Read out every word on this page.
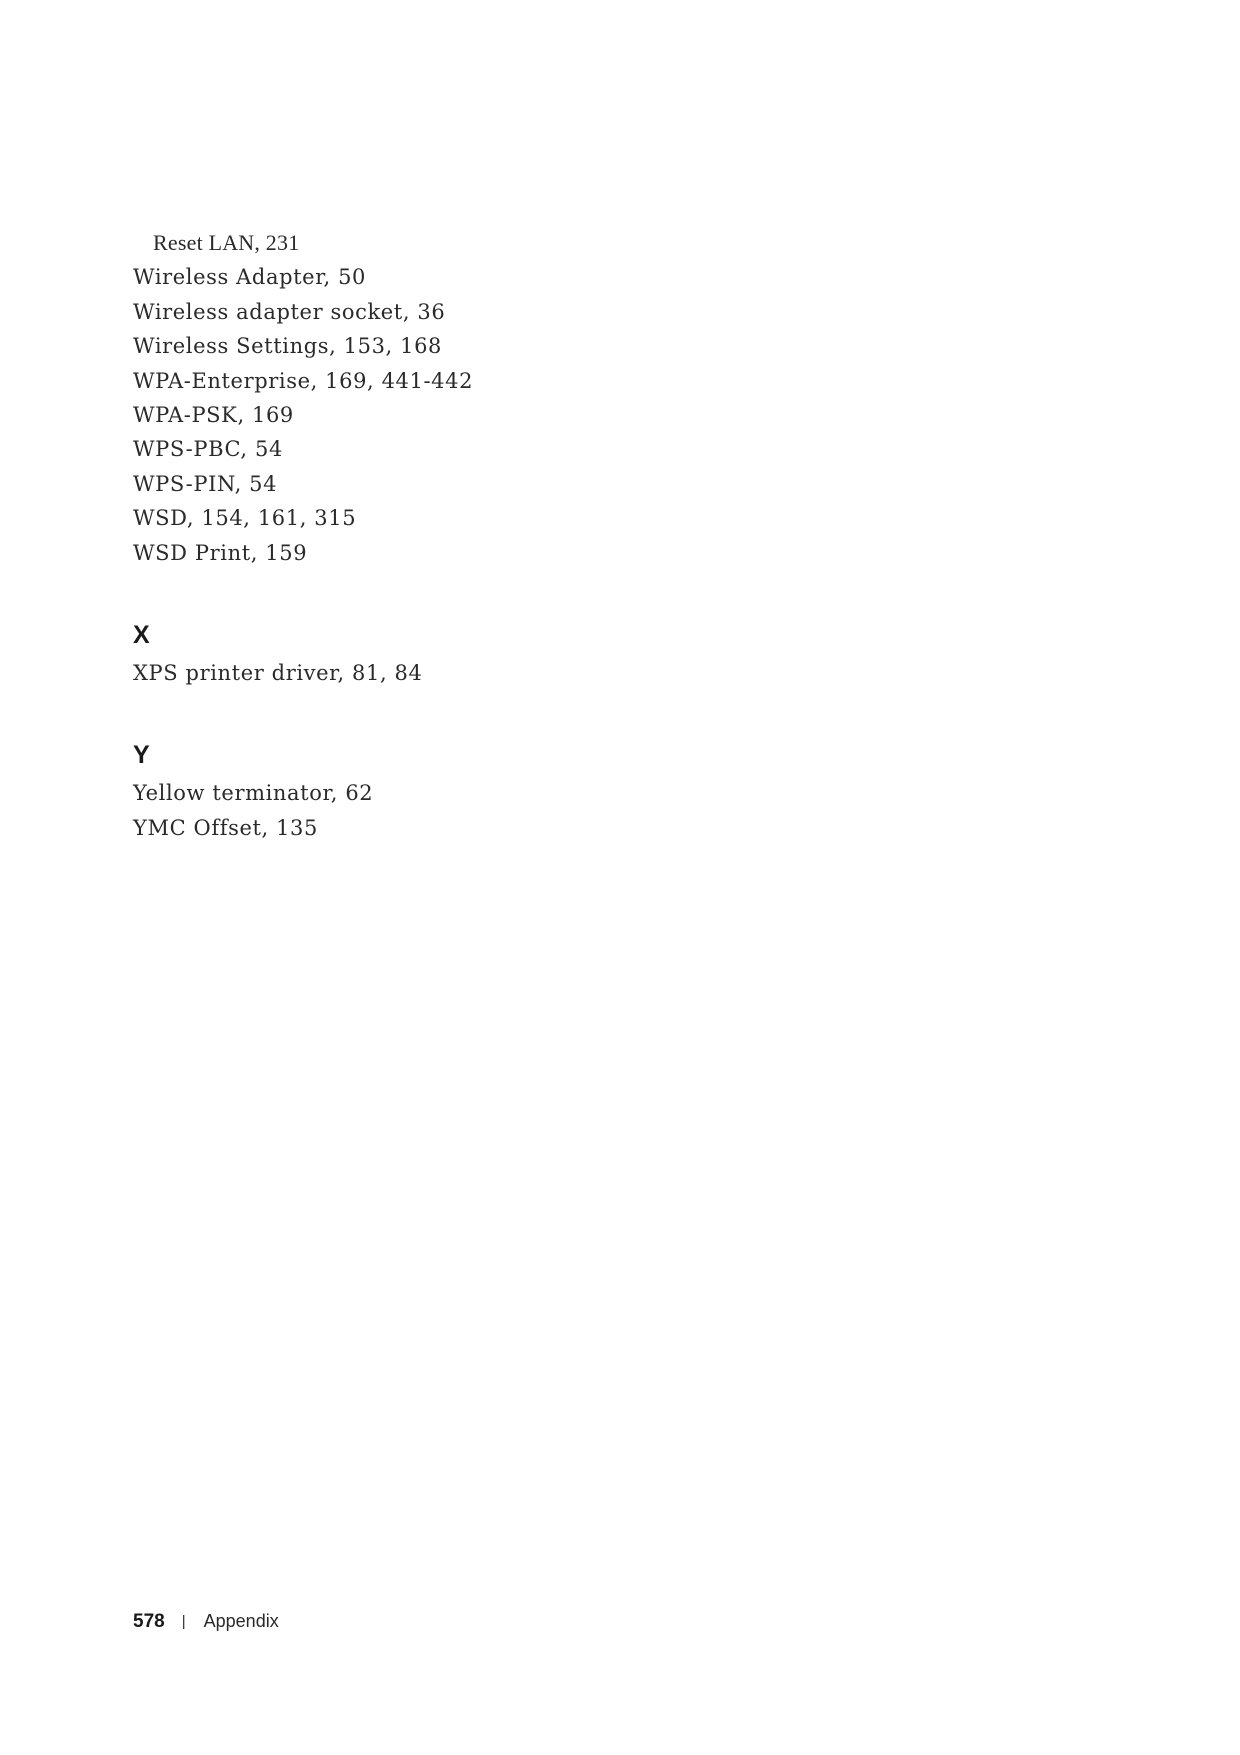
Reset LAN, 231
Wireless Adapter, 50
Wireless adapter socket, 36
Wireless Settings, 153, 168
WPA-Enterprise, 169, 441-442
WPA-PSK, 169
WPS-PBC, 54
WPS-PIN, 54
WSD, 154, 161, 315
WSD Print, 159
X
XPS printer driver, 81, 84
Y
Yellow terminator, 62
YMC Offset, 135
578 | Appendix
